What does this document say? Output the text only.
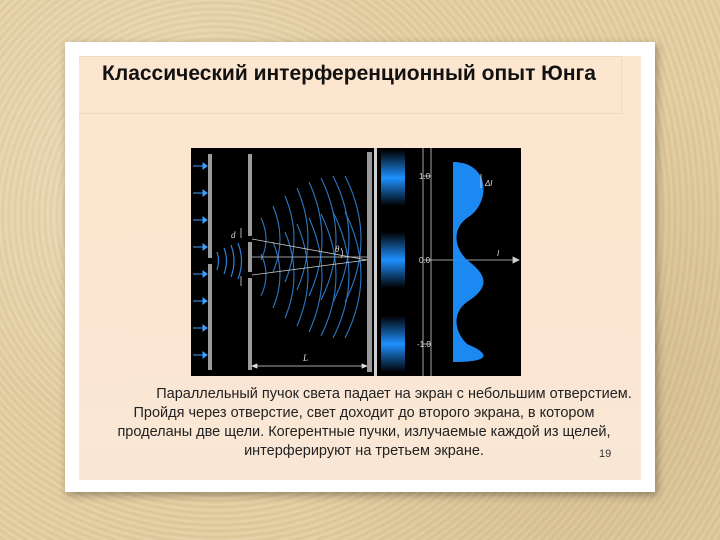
Классический интерференционный опыт Юнга
d
θ
L
1.0
0.0
-1.0
Δl
I
Параллельный пучок света падает на экран с небольшим отверстием. Пройдя через отверстие, свет доходит до второго экрана, в котором проделаны две щели. Когерентные пучки, излучаемые каждой из щелей, интерферируют на третьем экране.	19
